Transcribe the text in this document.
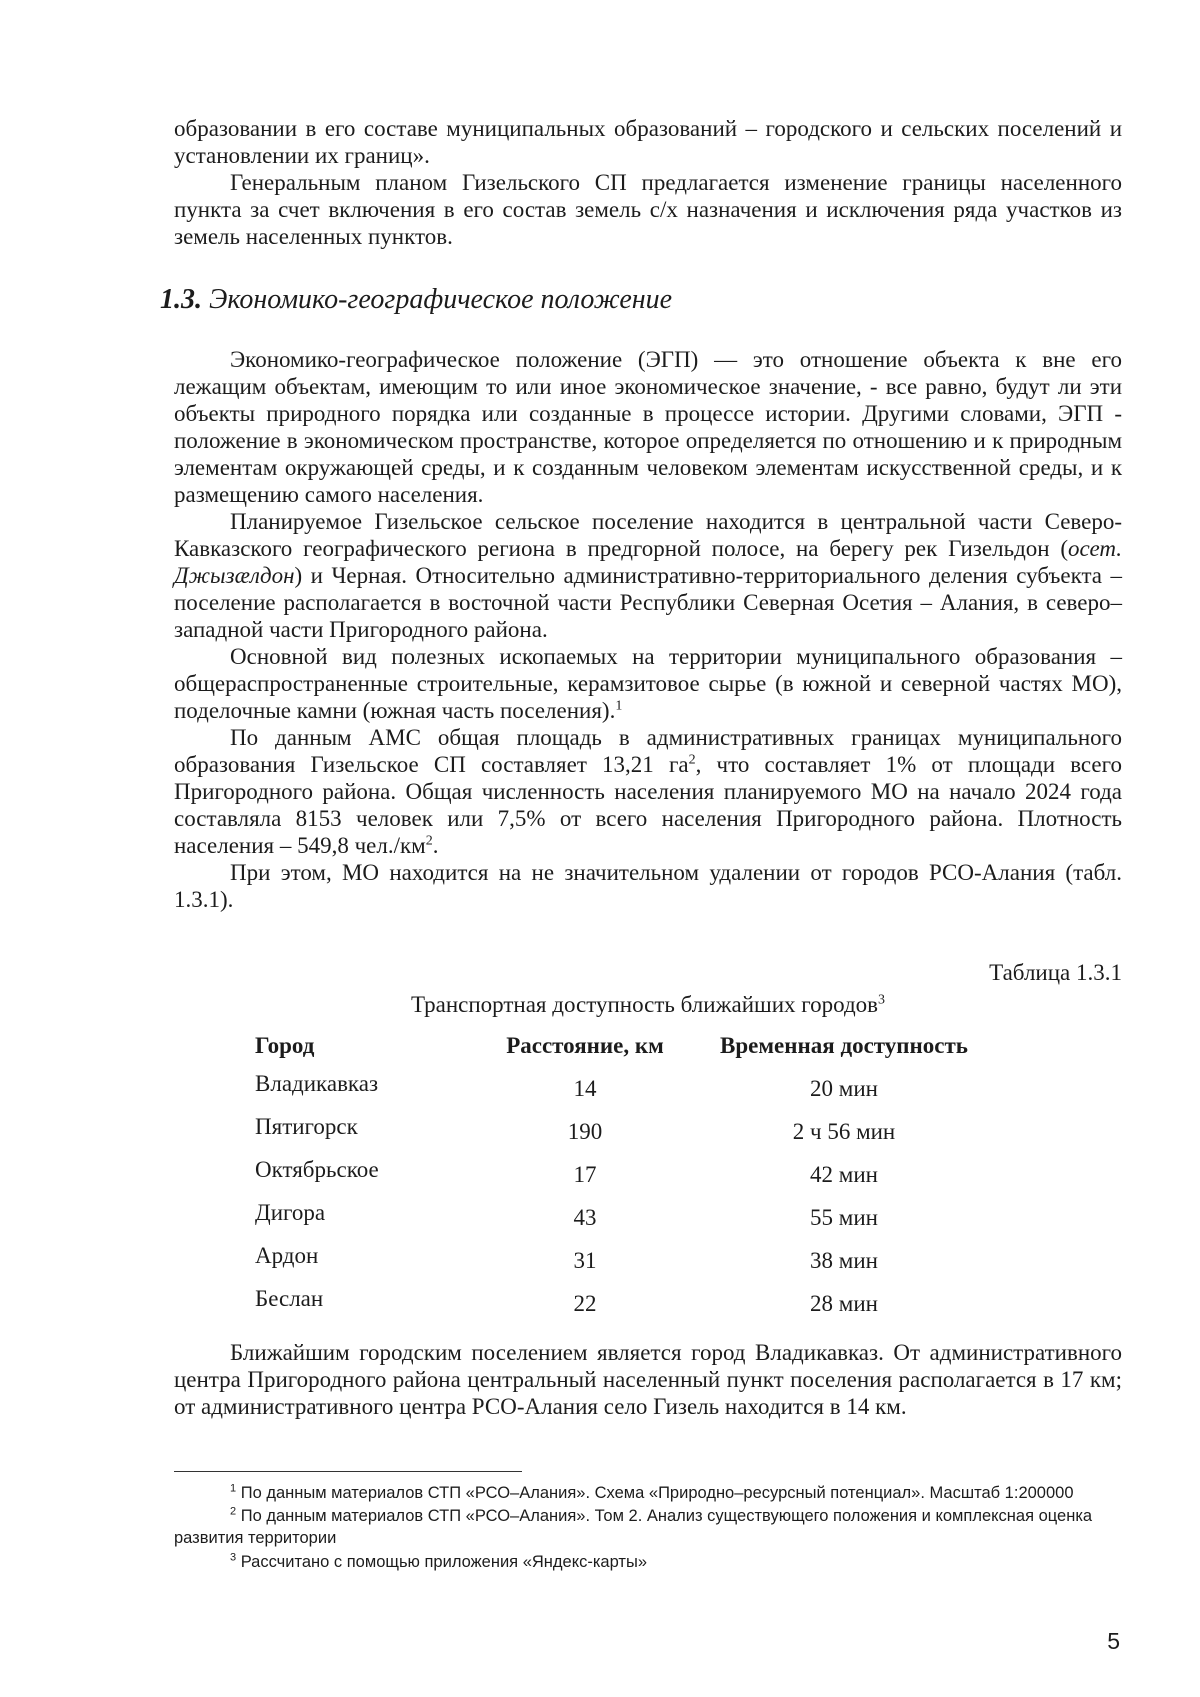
образовании в его составе муниципальных образований – городского и сельских поселений и установлении их границ».

Генеральным планом Гизельского СП предлагается изменение границы населенного пункта за счет включения в его состав земель с/х назначения и исключения ряда участков из земель населенных пунктов.

1.3. Экономико-географическое положение

Экономико-географическое положение (ЭГП) — это отношение объекта к вне его лежащим объектам, имеющим то или иное экономическое значение, - все равно, будут ли эти объекты природного порядка или созданные в процессе истории. Другими словами, ЭГП - положение в экономическом пространстве, которое определяется по отношению и к природным элементам окружающей среды, и к созданным человеком элементам искусственной среды, и к размещению самого населения.

Планируемое Гизельское сельское поселение находится в центральной части Северо-Кавказского географического региона в предгорной полосе, на берегу рек Гизельдон (осет. Джызæлдон) и Черная. Относительно административно-территориального деления субъекта – поселение располагается в восточной части Республики Северная Осетия – Алания, в северо–западной части Пригородного района.

Основной вид полезных ископаемых на территории муниципального образования – общераспространенные строительные, керамзитовое сырье (в южной и северной частях МО), поделочные камни (южная часть поселения).$^1$

По данным АМС общая площадь в административных границах муниципального образования Гизельское СП составляет 13,21 $га^2$, что составляет 1% от площади всего Пригородного района. Общая численность населения планируемого МО на начало 2024 года составляла 8153 человек или 7,5% от всего населения Пригородного района. Плотность населения – 549,8 $чел./км^2$.

При этом, МО находится на не значительном удалении от городов РСО-Алания (табл. 1.3.1).

Таблица 1.3.1
Транспортная доступность ближайших городов$^3$
Город	Расстояние, км	Временная доступность
Владикавказ	14	20 мин
Пятигорск	190	2 ч 56 мин
Октябрьское	17	42 мин
Дигора	43	55 мин
Ардон	31	38 мин
Беслан	22	28 мин

Ближайшим городским поселением является город Владикавказ. От административного центра Пригородного района центральный населенный пункт поселения располагается в 17 км; от административного центра РСО-Алания село Гизель находится в 14 км.

$^1$ По данным материалов СТП «РСО–Алания». Схема «Природно–ресурсный потенциал». Масштаб 1:200000

$^2$ По данным материалов СТП «РСО–Алания». Том 2. Анализ существующего положения и комплексная оценка развития территории

$^3$ Рассчитано с помощью приложения «Яндекс-карты»

5
